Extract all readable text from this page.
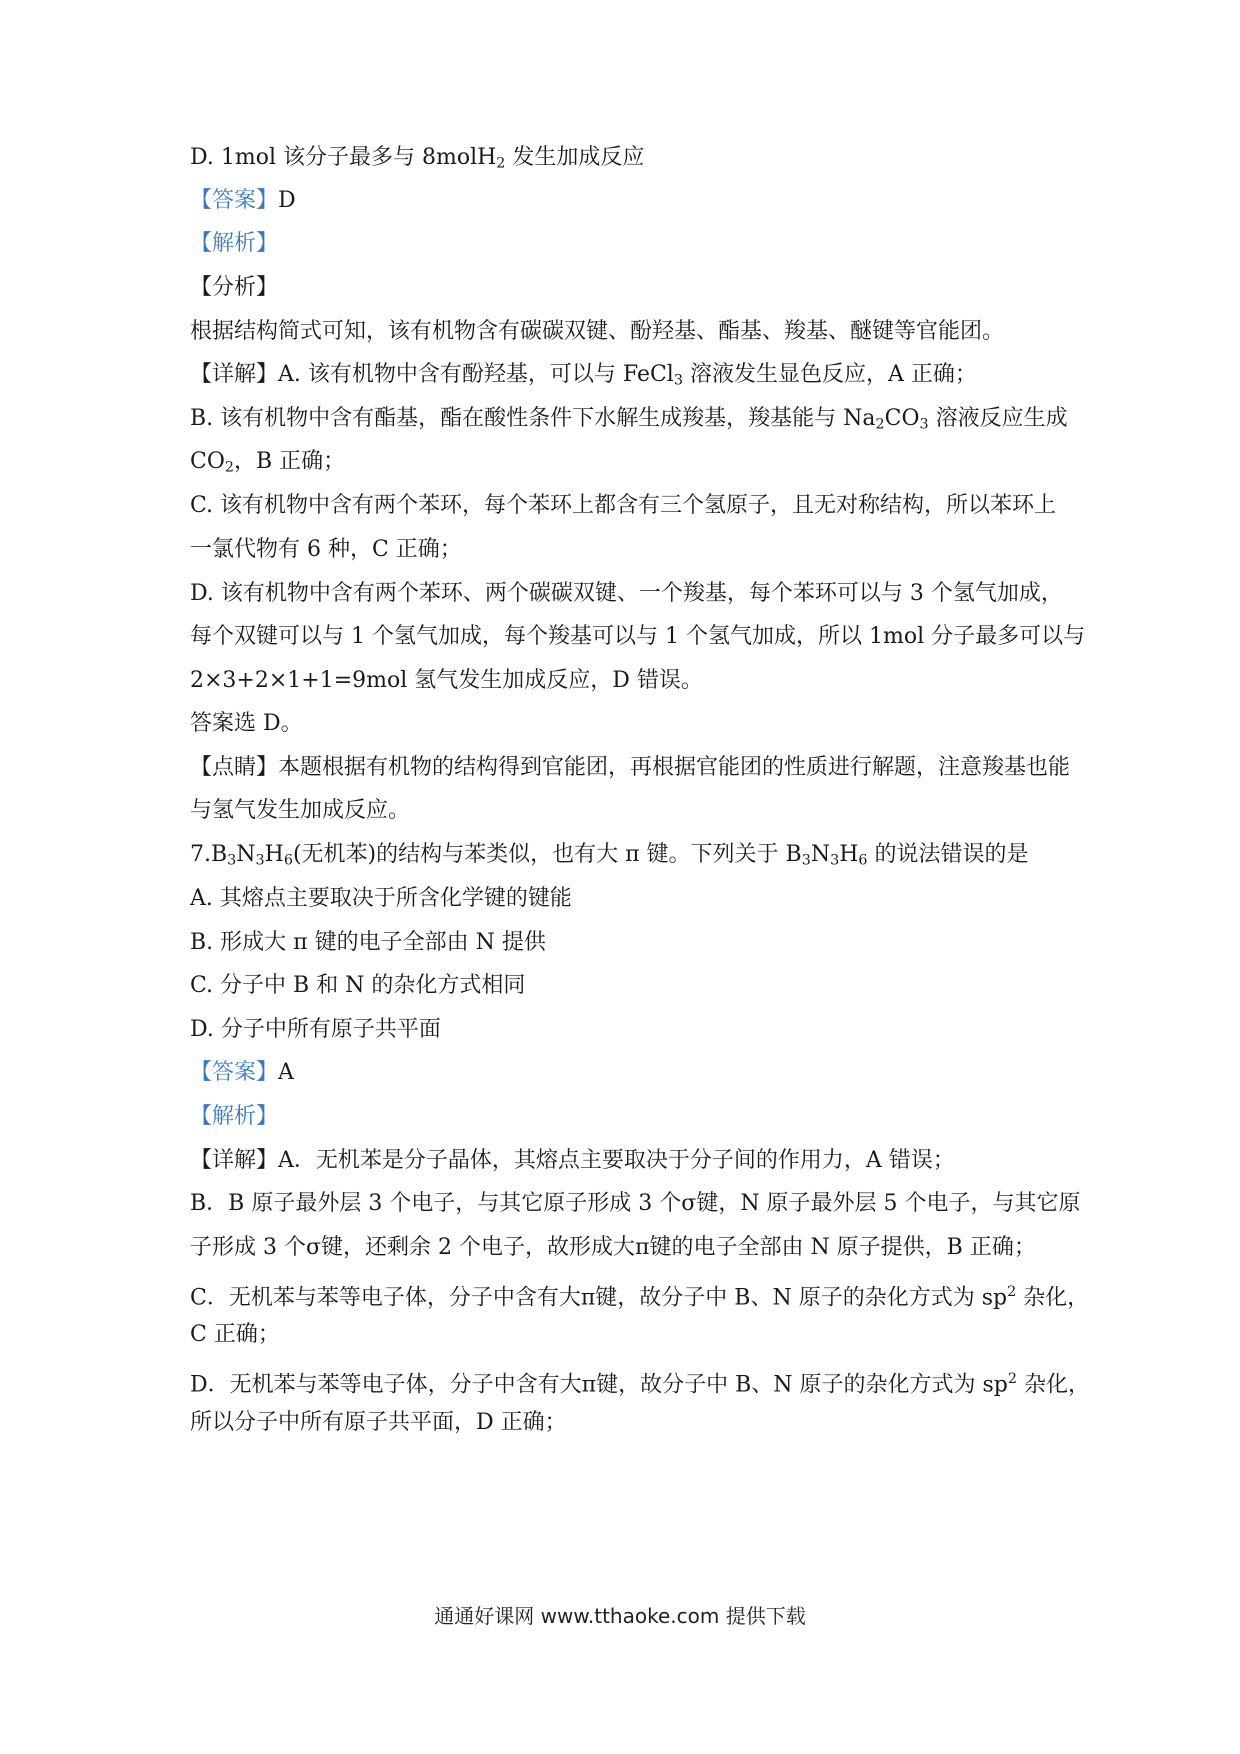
D. 1mol 该分子最多与 8molH$_2$ 发生加成反应
【答案】D
【解析】
【分析】
根据结构简式可知，该有机物含有碳碳双键、酚羟基、酯基、羧基、醚键等官能团。
【详解】A. 该有机物中含有酚羟基，可以与 FeCl$_3$ 溶液发生显色反应，A 正确；
B. 该有机物中含有酯基，酯在酸性条件下水解生成羧基，羧基能与 $Na_2CO_3$ 溶液反应生成
$CO_2$，B 正确；
C. 该有机物中含有两个苯环，每个苯环上都含有三个氢原子，且无对称结构，所以苯环上
一氯代物有 6 种，C 正确；
D. 该有机物中含有两个苯环、两个碳碳双键、一个羧基，每个苯环可以与 3 个氢气加成，
每个双键可以与 1 个氢气加成，每个羧基可以与 1 个氢气加成，所以 1mol 分子最多可以与
2×3+2×1+1=9mol 氢气发生加成反应，D 错误。
答案选 D。
【点睛】本题根据有机物的结构得到官能团，再根据官能团的性质进行解题，注意羧基也能
与氢气发生加成反应。
$7.B_3N_3H_6$(无机苯)的结构与苯类似，也有大 π 键。下列关于 $B_3N_3H_6$ 的说法错误的是
A. 其熔点主要取决于所含化学键的键能
B. 形成大 π 键的电子全部由 N 提供
C. 分子中 B 和 N 的杂化方式相同
D. 分子中所有原子共平面
【答案】A
【解析】
【详解】A．无机苯是分子晶体，其熔点主要取决于分子间的作用力，A 错误；
B．B 原子最外层 3 个电子，与其它原子形成 3 个σ键，N 原子最外层 5 个电子，与其它原
子形成 3 个σ键，还剩余 2 个电子，故形成大π键的电子全部由 N 原子提供，B 正确；
C．无机苯与苯等电子体，分子中含有大π键，故分子中 B、N 原子的杂化方式为 $sp^2$ 杂化，
C 正确；
D．无机苯与苯等电子体，分子中含有大π键，故分子中 B、N 原子的杂化方式为 $sp^2$ 杂化，
所以分子中所有原子共平面，D 正确；
通通好课网 www.tthaoke.com 提供下载
